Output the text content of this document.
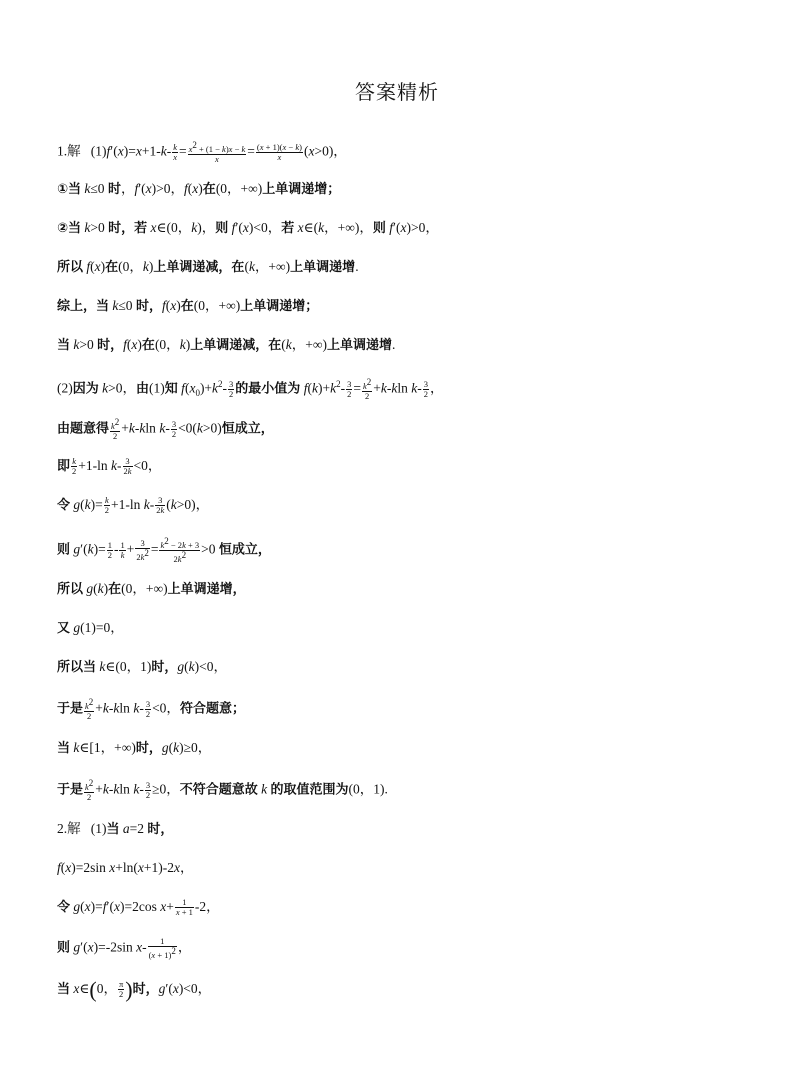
答案精析
1.解   $(1)f'(x)=x+1-k- \frac{k}{x} = \frac{x^2 + (1 - k)x - k}{x} = \frac{(x + 1)(x - k)}{x} (x>0)$，
①当 k≤0 时，f′(x)>0，f(x)在(0，+∞)上单调递增；
②当 k>0 时，若 x∈(0，k)，则 f′(x)<0，若 x∈(k，+∞)，则 f′(x)>0，
所以 f(x)在(0，k)上单调递减，在(k，+∞)上单调递增.
综上，当 k≤0 时，f(x)在(0，+∞)上单调递增；
当 k>0 时，f(x)在(0，k)上单调递减，在(k，+∞)上单调递增.
(2)因为 k>0，由(1)知 $f(x_0)+k^2- \frac{3}{2}$ 的最小值为 $f(k)+k^2- \frac{3}{2} = \frac{k^2}{2} +k-kln$ $k- \frac{3}{2}$ ，
由题意得 $\frac{k^2}{2} +k-kln$ $k- \frac{3}{2} <0(k>0)$恒成立，
即 $\frac{k}{2} +1-\ln$ $k- \frac{3}{2k} <0$，
令 $g(k)= \frac{k}{2} +1-\ln$ $k- \frac{3}{2k} (k>0)$，
则 $g'(k)= \frac{1}{2} - \frac{1}{k} + \frac{3}{2k^2} = \frac{k^2 - 2k + 3}{2k^2} >0$ 恒成立，
所以 g(k)在(0，+∞)上单调递增，
又 g(1)=0，
所以当 k∈(0，1)时，g(k)<0，
于是 $\frac{k^2}{2} +k-kln$ $k- \frac{3}{2} <0$，符合题意；
当 k∈[1，+∞)时，g(k)≥0，
于是 $\frac{k^2}{2} +k-kln$ $k- \frac{3}{2} \ge 0$，不符合题意故 k 的取值范围为(0，1).
2.解   (1)当 a=2 时，
f(x)=2sin x+ln(x+1)-2x，
令 g(x)=f′(x)=2cos $x+ \frac{1}{x + 1} -2$，
则 g′(x)=-2sin $x- \frac{1}{(x + 1)^2}$ ，
当 x∈(0， $\frac{\pi}{2}$ )时，g′(x)<0，
